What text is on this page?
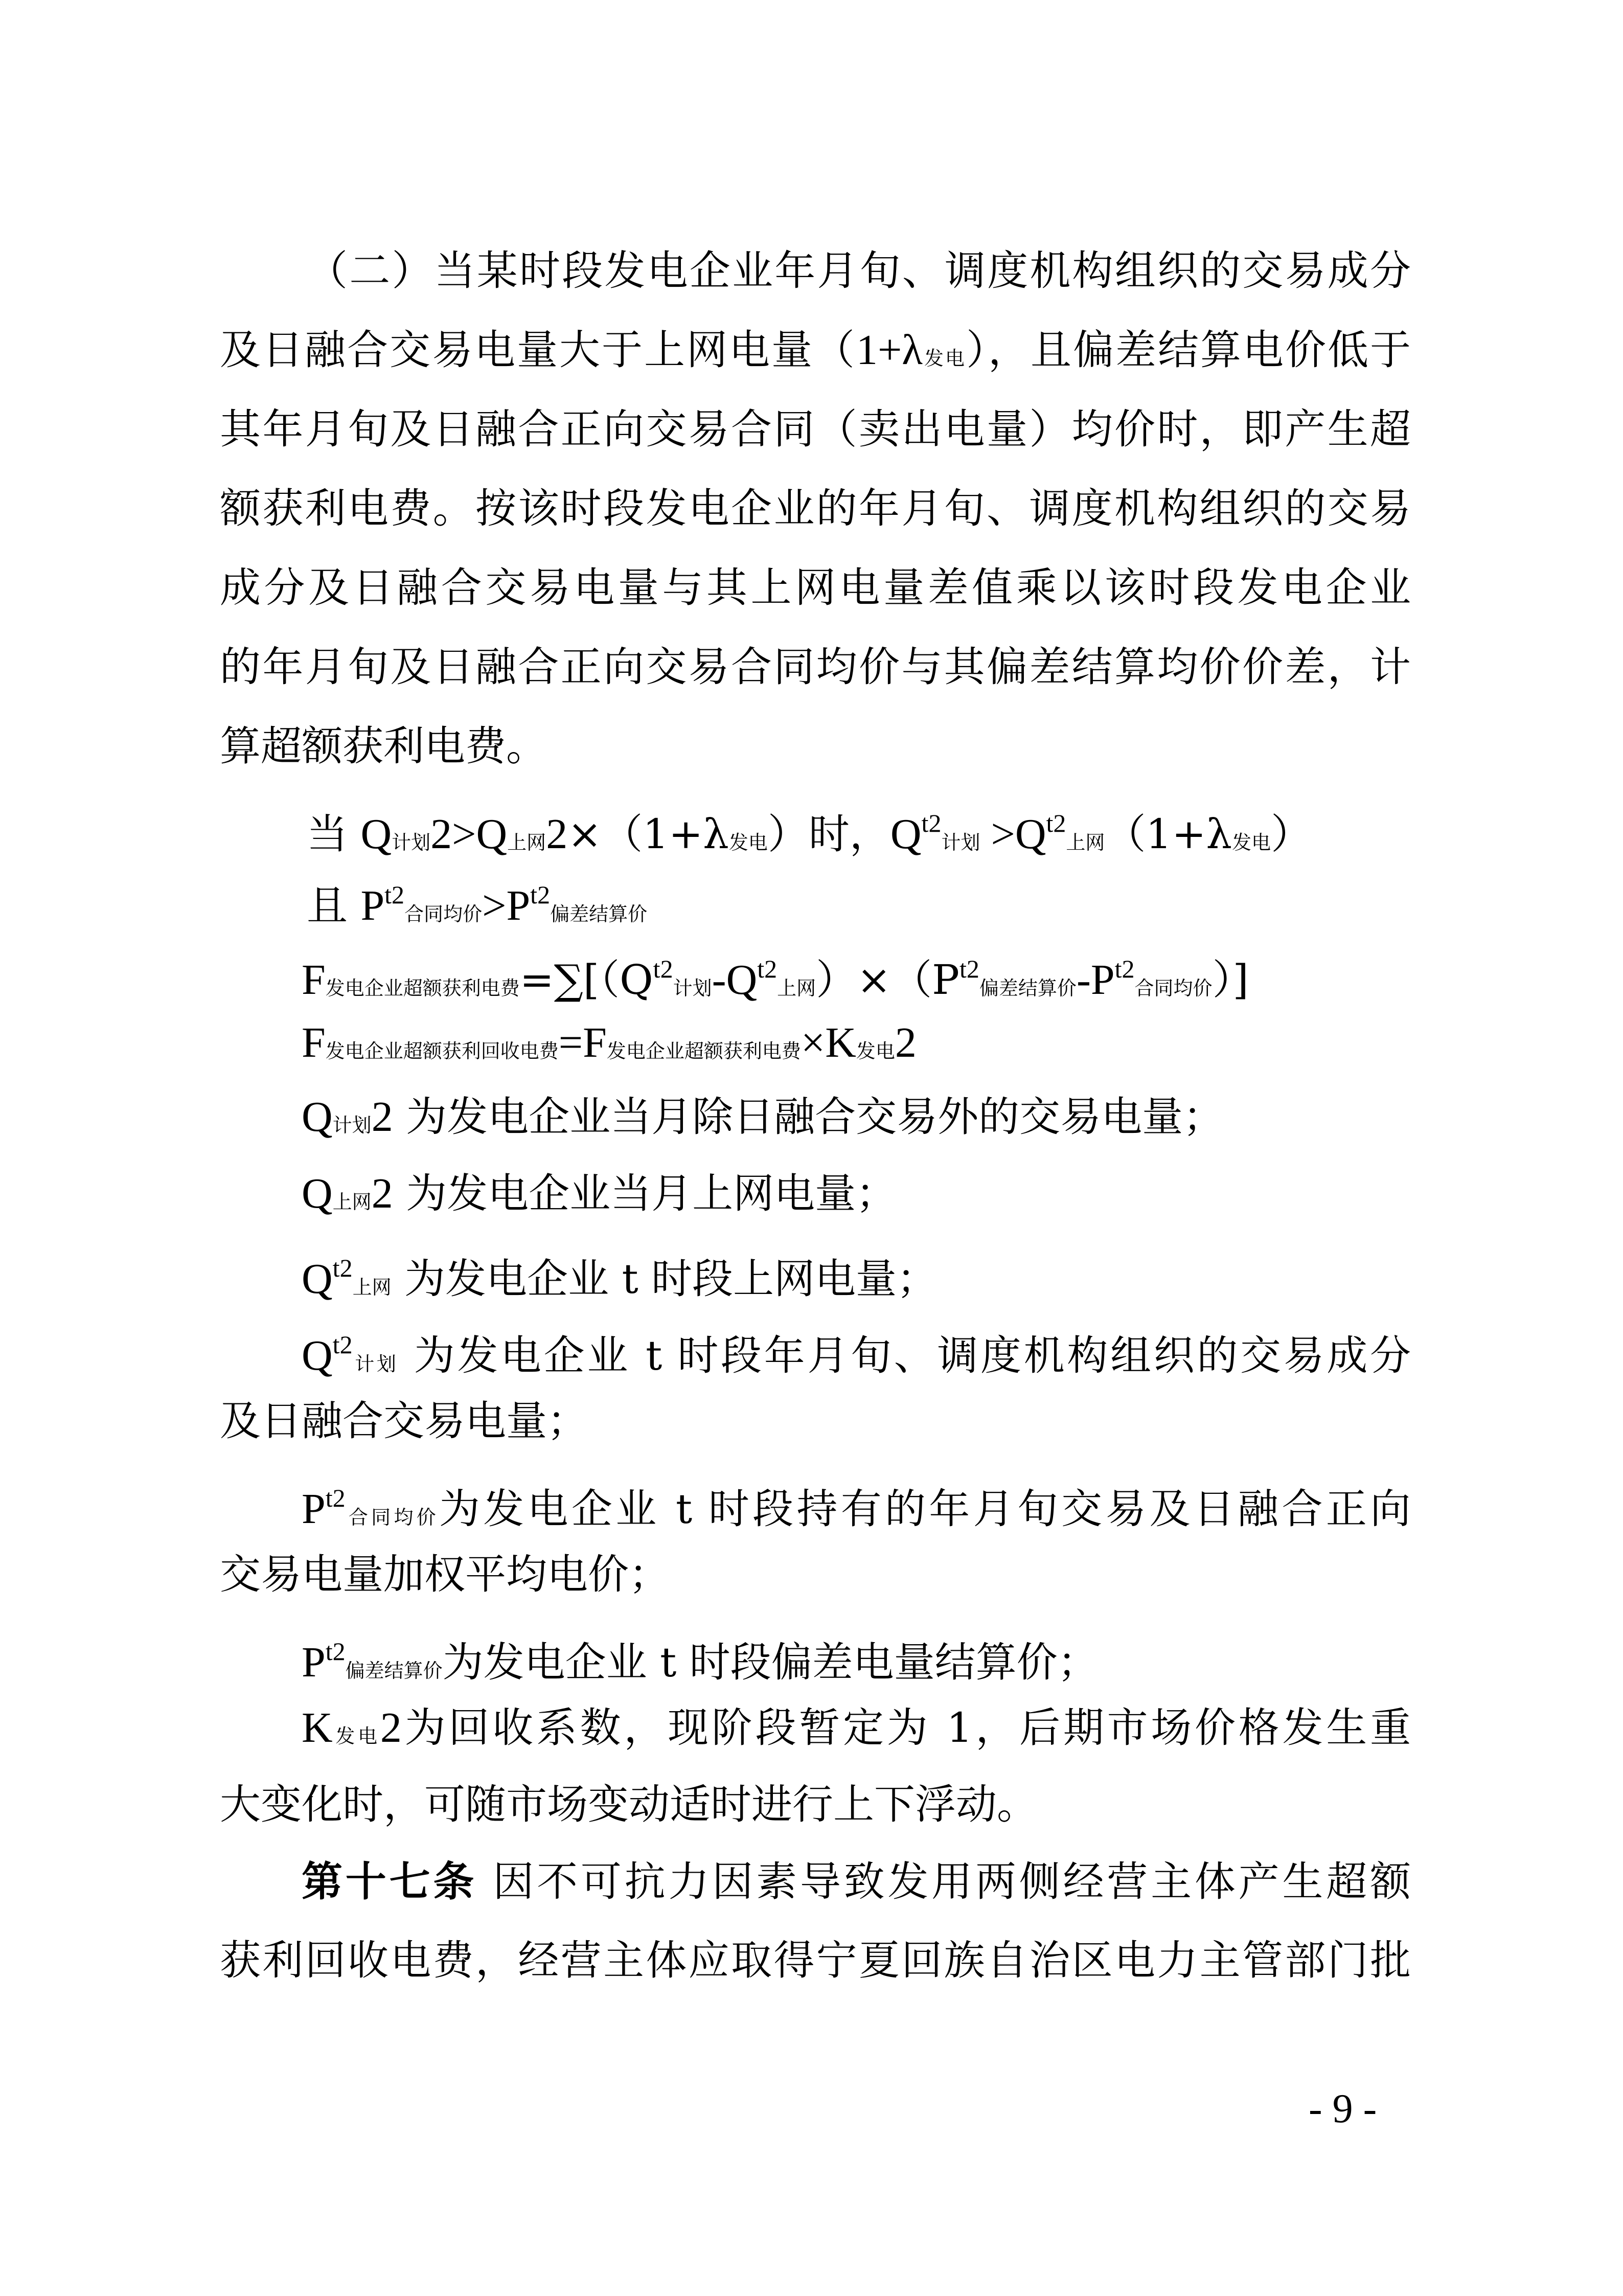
（二）当某时段发电企业年月旬、调度机构组织的交易成分

及日融合交易电量大于上网电量（1+λ发电），且偏差结算电价低于

其年月旬及日融合正向交易合同（卖出电量）均价时，即产生超

额获利电费。按该时段发电企业的年月旬、调度机构组织的交易

成分及日融合交易电量与其上网电量差值乘以该时段发电企业

的年月旬及日融合正向交易合同均价与其偏差结算均价价差，计

算超额获利电费。

当 Q计划2>Q上网2×（1+λ发电）时，$Q^{t2}$计划 $>Q^{t2}$上网（1+λ发电）

且 $P^{t2}$合同均价$>P^{t2}$偏差结算价

F发电企业超额获利电费$=\sum[(Q^{t2}$计划$-Q^{t2}$上网）$\times(P^{t2}$偏差结算价$-P^{t2}$合同均价）]

F发电企业超额获利回收电费=F发电企业超额获利电费×K发电2

Q计划2 为发电企业当月除日融合交易外的交易电量；

Q上网2 为发电企业当月上网电量；

$Q^{t2}$上网 为发电企业 t 时段上网电量；

$Q^{t2}$计划 为发电企业 t 时段年月旬、调度机构组织的交易成分

及日融合交易电量；

$P^{t2}$合同均价为发电企业 t 时段持有的年月旬交易及日融合正向

交易电量加权平均电价；

$P^{t2}$偏差结算价为发电企业 t 时段偏差电量结算价；

K发电2为回收系数，现阶段暂定为 1，后期市场价格发生重

大变化时，可随市场变动适时进行上下浮动。

第十七条 因不可抗力因素导致发用两侧经营主体产生超额

获利回收电费，经营主体应取得宁夏回族自治区电力主管部门批

- 9 -
